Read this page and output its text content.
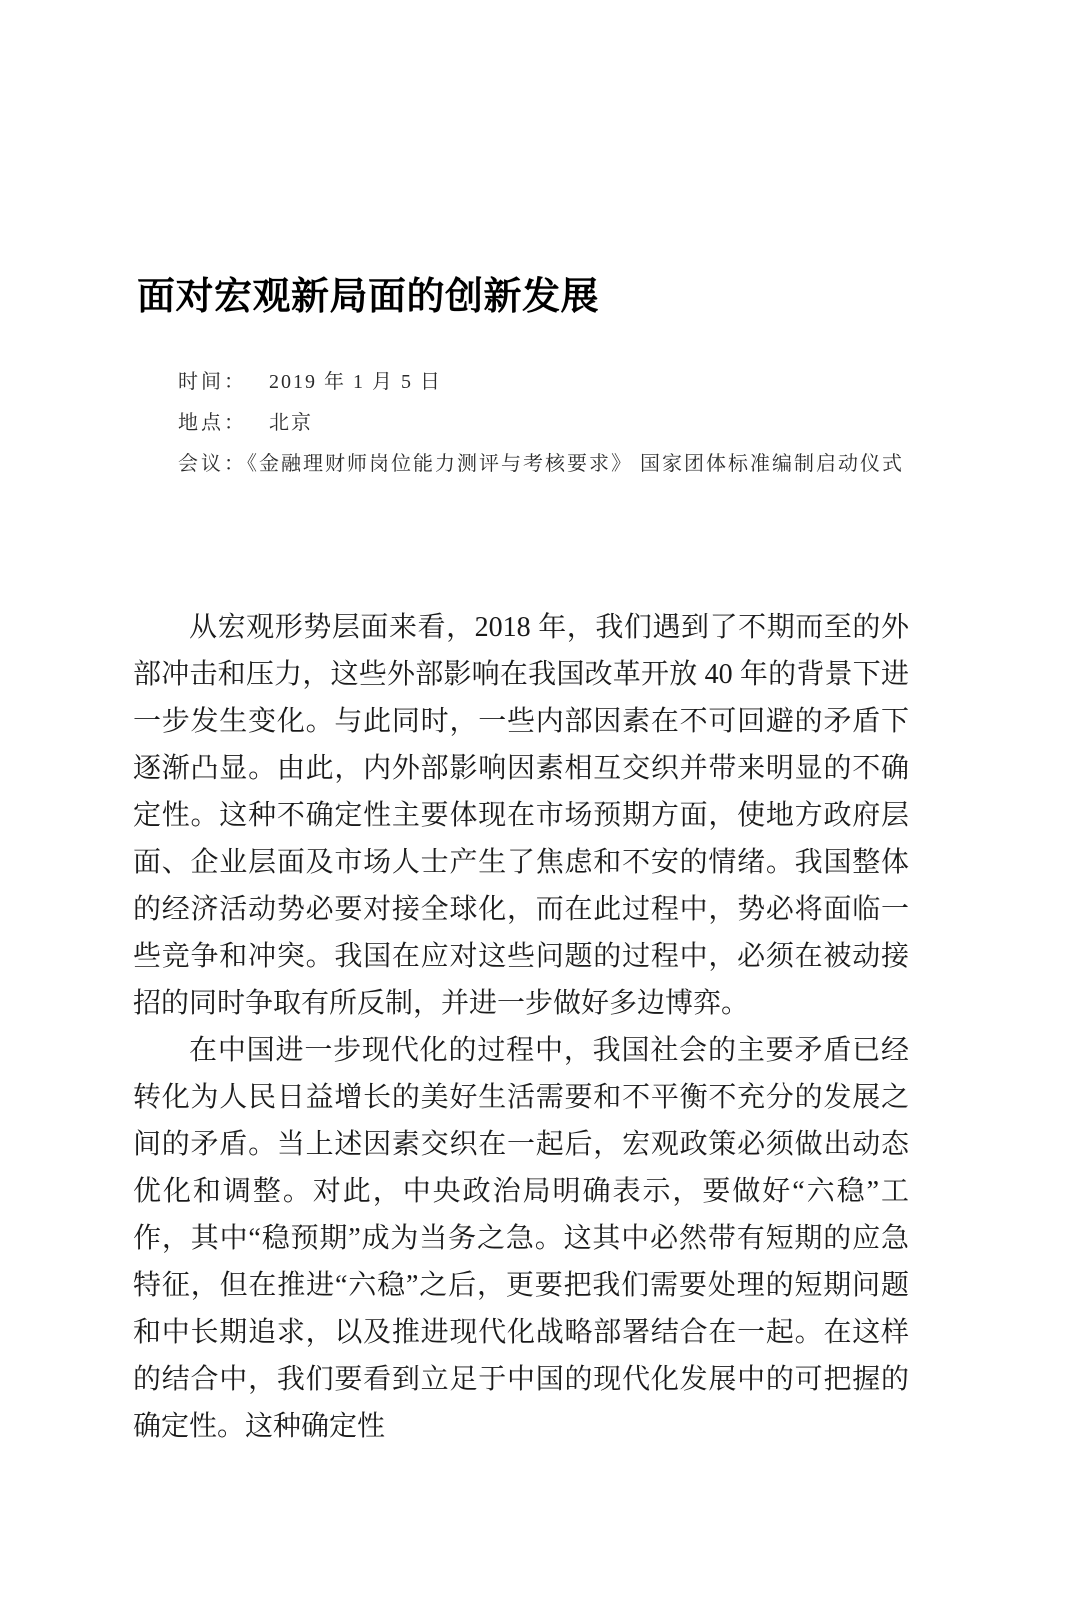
面对宏观新局面的创新发展
时间： 2019 年 1 月 5 日
地点： 北京
会议：《金融理财师岗位能力测评与考核要求》 国家团体标准编制启动仪式

从宏观形势层面来看，2018 年，我们遇到了不期而至的外部冲击和压力，这些外部影响在我国改革开放 40 年的背景下进一步发生变化。与此同时，一些内部因素在不可回避的矛盾下逐渐凸显。由此，内外部影响因素相互交织并带来明显的不确定性。这种不确定性主要体现在市场预期方面，使地方政府层面、企业层面及市场人士产生了焦虑和不安的情绪。我国整体的经济活动势必要对接全球化，而在此过程中，势必将面临一些竞争和冲突。我国在应对这些问题的过程中，必须在被动接招的同时争取有所反制，并进一步做好多边博弈。

在中国进一步现代化的过程中，我国社会的主要矛盾已经转化为人民日益增长的美好生活需要和不平衡不充分的发展之间的矛盾。当上述因素交织在一起后，宏观政策必须做出动态优化和调整。对此，中央政治局明确表示，要做好“六稳”工作，其中“稳预期”成为当务之急。这其中必然带有短期的应急特征，但在推进“六稳”之后，更要把我们需要处理的短期问题和中长期追求，以及推进现代化战略部署结合在一起。在这样的结合中，我们要看到立足于中国的现代化发展中的可把握的确定性。这种确定性
